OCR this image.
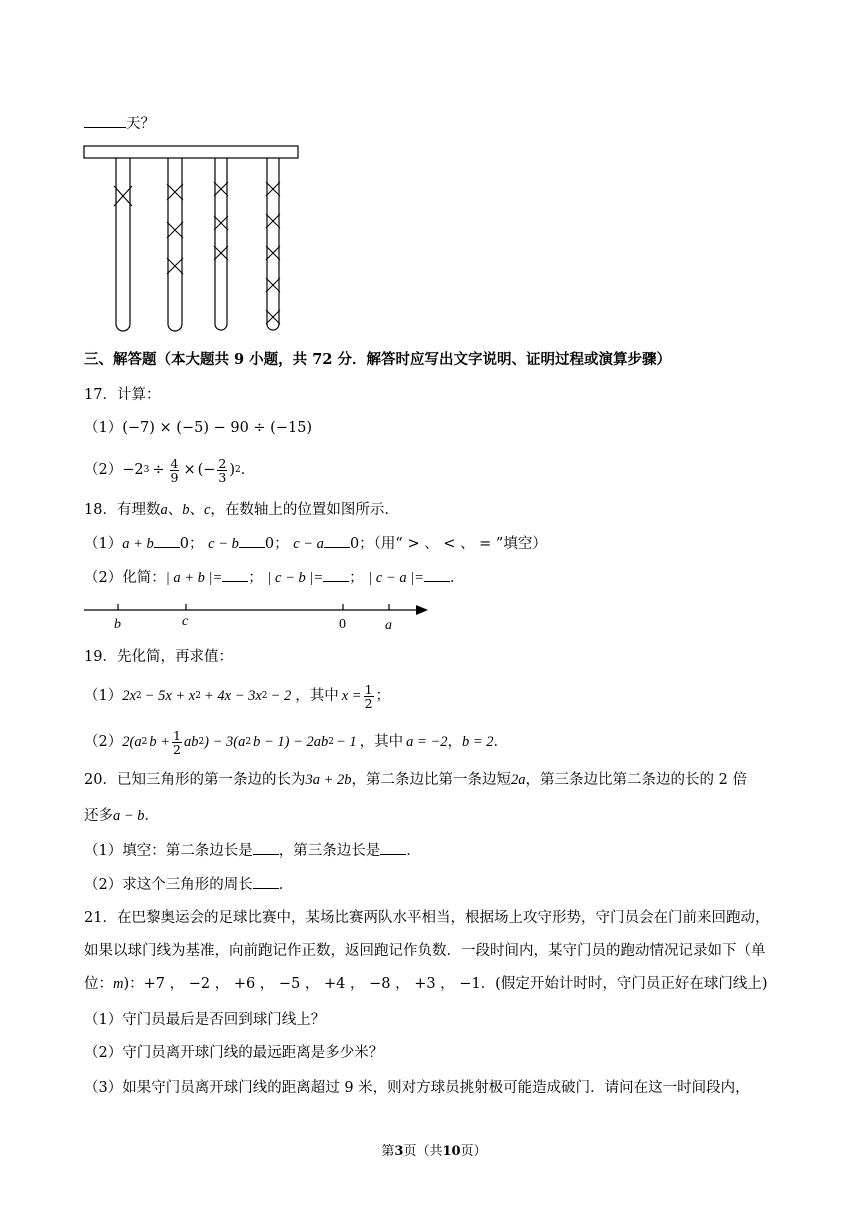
天？
三、解答题（本大题共 9 小题，共 72 分．解答时应写出文字说明、证明过程或演算步骤）
17．计算：
（1）(−7) × (−5) − 90 ÷ (−15)
（2） −2 $3 \div \frac{4}{9}$ × (− $\frac{2}{3}$ ) 2 ．
18．有理数a、b、c，在数轴上的位置如图所示．
（1）a + b 0； c − b 0； c − a 0；（用“ > 、 < 、 = ”填空）
（2）化简：| a + b |= ； | c − b |= ； | c − a |= ．
b	c	0	a
19．先化简，再求值：
（1） 2x 2 − 5x + x 2 + 4x − 3x 2 − 2 ，其中 $x = \frac{1}{2}$ ；
（2） 2(a 2 $b + \frac{1}{2}$ ab 2 ) − 3(a 2 b − 1) − 2ab 2 − 1 ，其中 a = −2 ， b = 2 ．
20．已知三角形的第一条边的长为3a + 2b，第二条边比第一条边短2a，第三条边比第二条边的长的 2 倍
还多a − b．
（1）填空：第二条边长是 ，第三条边长是 ．
（2）求这个三角形的周长 ．
21．在巴黎奥运会的足球比赛中，某场比赛两队水平相当，根据场上攻守形势，守门员会在门前来回跑动，
如果以球门线为基准，向前跑记作正数，返回跑记作负数．一段时间内，某守门员的跑动情况记录如下（单
位：m)：+7 ， −2 ， +6 ， −5 ， +4 ， −8 ， +3 ， −1．(假定开始计时时，守门员正好在球门线上)
（1）守门员最后是否回到球门线上？
（2）守门员离开球门线的最远距离是多少米？
（3）如果守门员离开球门线的距离超过 9 米，则对方球员挑射极可能造成破门．请问在这一时间段内，
第3页（共10页）
